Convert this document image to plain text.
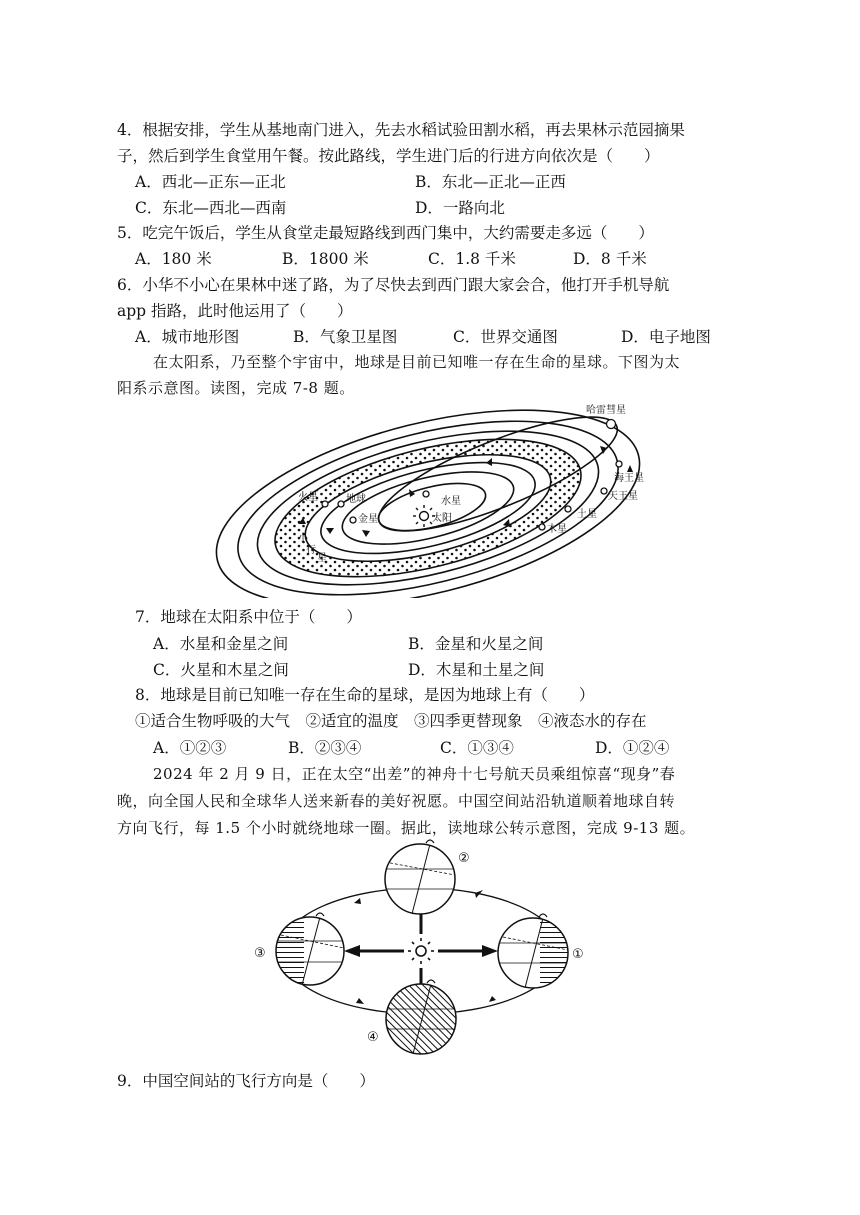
4．根据安排，学生从基地南门进入，先去水稻试验田割水稻，再去果林示范园摘果
子，然后到学生食堂用午餐。按此路线，学生进门后的行进方向依次是（　　）
A．西北—正东—正北	B．东北—正北—正西
C．东北—西北—西南	D．一路向北
5．吃完午饭后，学生从食堂走最短路线到西门集中，大约需要走多远（　　）
A．180 米	B．1800 米	C．1.8 千米	D．8 千米
6．小华不小心在果林中迷了路，为了尽快去到西门跟大家会合，他打开手机导航
app 指路，此时他运用了（　　）
A．城市地形图	B．气象卫星图	C．世界交通图	D．电子地图
在太阳系，乃至整个宇宙中，地球是目前已知唯一存在生命的星球。下图为太
阳系示意图。读图，完成 7-8 题。
哈雷彗星
海王星
天王星
土星
木星
火星	地球	水星
金星	太阳
小
行
星
7．地球在太阳系中位于（　　）
A．水星和金星之间	B．金星和火星之间
C．火星和木星之间	D．木星和土星之间
8．地球是目前已知唯一存在生命的星球，是因为地球上有（　　）
①适合生物呼吸的大气　②适宜的温度　③四季更替现象　④液态水的存在
A．①②③	B．②③④	C．①③④	D．①②④
2024 年 2 月 9 日，正在太空“出差”的神舟十七号航天员乘组惊喜“现身”春
晚，向全国人民和全球华人送来新春的美好祝愿。中国空间站沿轨道顺着地球自转
方向飞行，每 1.5 个小时就绕地球一圈。据此，读地球公转示意图，完成 9-13 题。
②
③	①
④
9．中国空间站的飞行方向是（　　）
